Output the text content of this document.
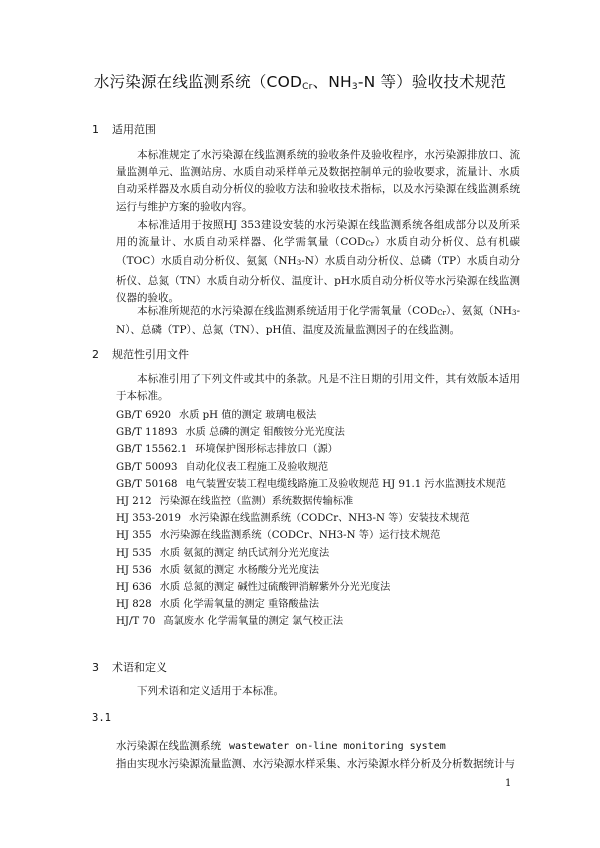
水污染源在线监测系统（$COD_{Cr}$、$NH_3-N$ 等）验收技术规范
1 适用范围
本标准规定了水污染源在线监测系统的验收条件及验收程序，水污染源排放口、流量监测单元、监测站房、水质自动采样单元及数据控制单元的验收要求，流量计、水质自动采样器及水质自动分析仪的验收方法和验收技术指标，以及水污染源在线监测系统运行与维护方案的验收内容。
本标准适用于按照HJ 353建设安装的水污染源在线监测系统各组成部分以及所采用的流量计、水质自动采样器、化学需氧量$(COD_{Cr})$水质自动分析仪、总有机碳（TOC）水质自动分析仪、氨氮$(NH_3-N)$水质自动分析仪、总磷（TP）水质自动分析仪、总氮（TN）水质自动分析仪、温度计、pH水质自动分析仪等水污染源在线监测仪器的验收。
本标准所规范的水污染源在线监测系统适用于化学需氧量$(COD_{Cr})$、氨氮$(NH_3-N)$、总磷（TP）、总氮（TN）、pH值、温度及流量监测因子的在线监测。
2 规范性引用文件
本标准引用了下列文件或其中的条款。凡是不注日期的引用文件，其有效版本适用于本标准。
GB/T 6920 水质 pH 值的测定 玻璃电极法
GB/T 11893 水质 总磷的测定 钼酸铵分光光度法
GB/T 15562.1 环境保护图形标志排放口（源）
GB/T 50093 自动化仪表工程施工及验收规范
GB/T 50168 电气装置安装工程电缆线路施工及验收规范 HJ 91.1 污水监测技术规范
HJ 212 污染源在线监控（监测）系统数据传输标准
HJ 353-2019 水污染源在线监测系统（CODCr、NH3-N 等）安装技术规范
HJ 355 水污染源在线监测系统（CODCr、NH3-N 等）运行技术规范
HJ 535 水质 氨氮的测定 纳氏试剂分光光度法
HJ 536 水质 氨氮的测定 水杨酸分光光度法
HJ 636 水质 总氮的测定 碱性过硫酸钾消解紫外分光光度法
HJ 828 水质 化学需氧量的测定 重铬酸盐法
HJ/T 70 高氯废水 化学需氧量的测定 氯气校正法
3 术语和定义
下列术语和定义适用于本标准。
3.1
水污染源在线监测系统 wastewater on-line monitoring system
指由实现水污染源流量监测、水污染源水样采集、水污染源水样分析及分析数据统计与
1
